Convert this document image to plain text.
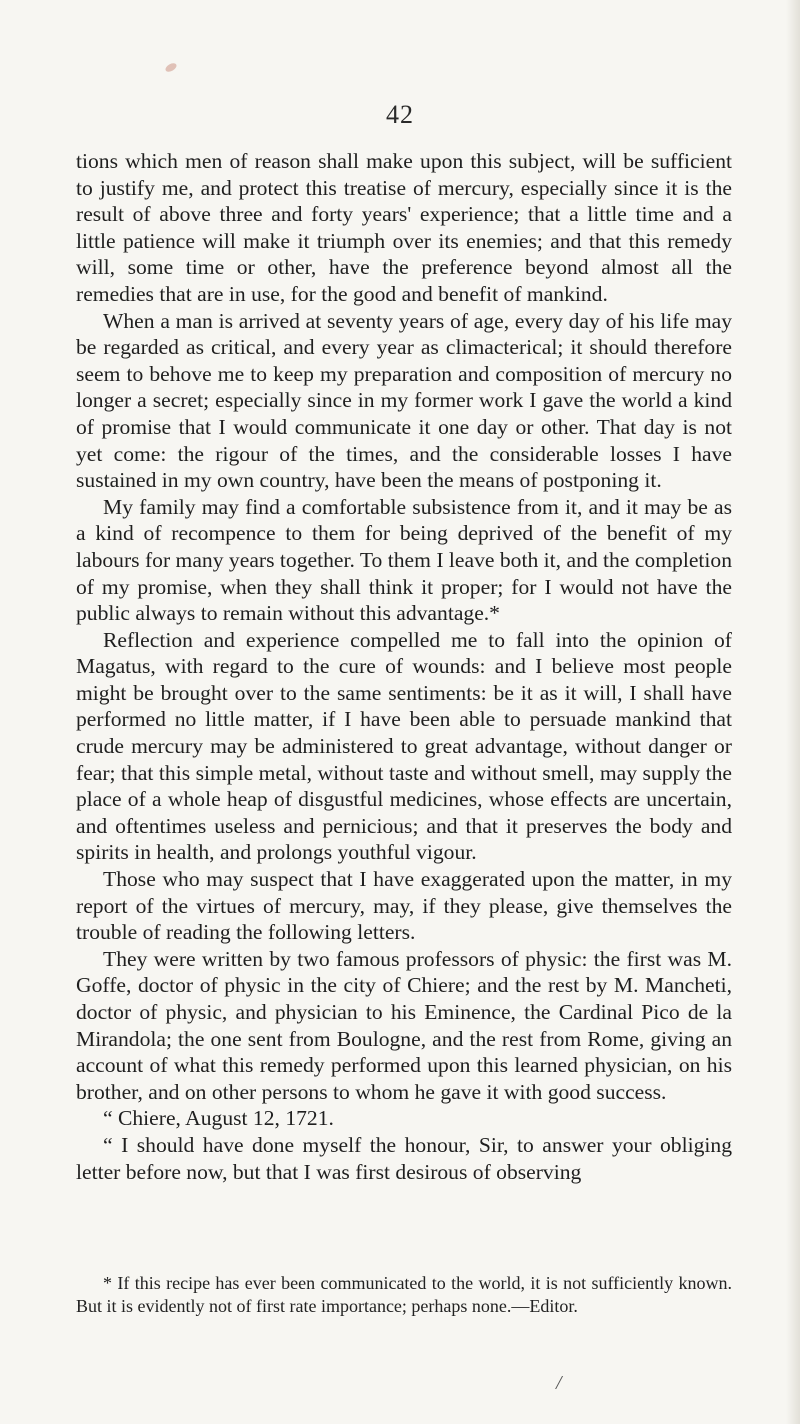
42

tions which men of reason shall make upon this subject, will be sufficient to justify me, and protect this treatise of mercury, especially since it is the result of above three and forty years' experience; that a little time and a little patience will make it triumph over its enemies; and that this remedy will, some time or other, have the preference beyond almost all the remedies that are in use, for the good and benefit of mankind.

When a man is arrived at seventy years of age, every day of his life may be regarded as critical, and every year as climacterical; it should therefore seem to behove me to keep my preparation and composition of mercury no longer a secret; especially since in my former work I gave the world a kind of promise that I would communicate it one day or other. That day is not yet come: the rigour of the times, and the considerable losses I have sustained in my own country, have been the means of postponing it.

My family may find a comfortable subsistence from it, and it may be as a kind of recompence to them for being deprived of the benefit of my labours for many years together. To them I leave both it, and the completion of my promise, when they shall think it proper; for I would not have the public always to remain without this advantage.*

Reflection and experience compelled me to fall into the opinion of Magatus, with regard to the cure of wounds: and I believe most people might be brought over to the same sentiments: be it as it will, I shall have performed no little matter, if I have been able to persuade mankind that crude mercury may be administered to great advantage, without danger or fear; that this simple metal, without taste and without smell, may supply the place of a whole heap of disgustful medicines, whose effects are uncertain, and oftentimes useless and pernicious; and that it preserves the body and spirits in health, and prolongs youthful vigour.

Those who may suspect that I have exaggerated upon the matter, in my report of the virtues of mercury, may, if they please, give themselves the trouble of reading the following letters.

They were written by two famous professors of physic: the first was M. Goffe, doctor of physic in the city of Chiere; and the rest by M. Mancheti, doctor of physic, and physician to his Eminence, the Cardinal Pico de la Mirandola; the one sent from Boulogne, and the rest from Rome, giving an account of what this remedy performed upon this learned physician, on his brother, and on other persons to whom he gave it with good success.

“ Chiere, August 12, 1721.

“ I should have done myself the honour, Sir, to answer your obliging letter before now, but that I was first desirous of observing

* If this recipe has ever been communicated to the world, it is not sufficiently known. But it is evidently not of first rate importance; perhaps none.—Editor.
/
